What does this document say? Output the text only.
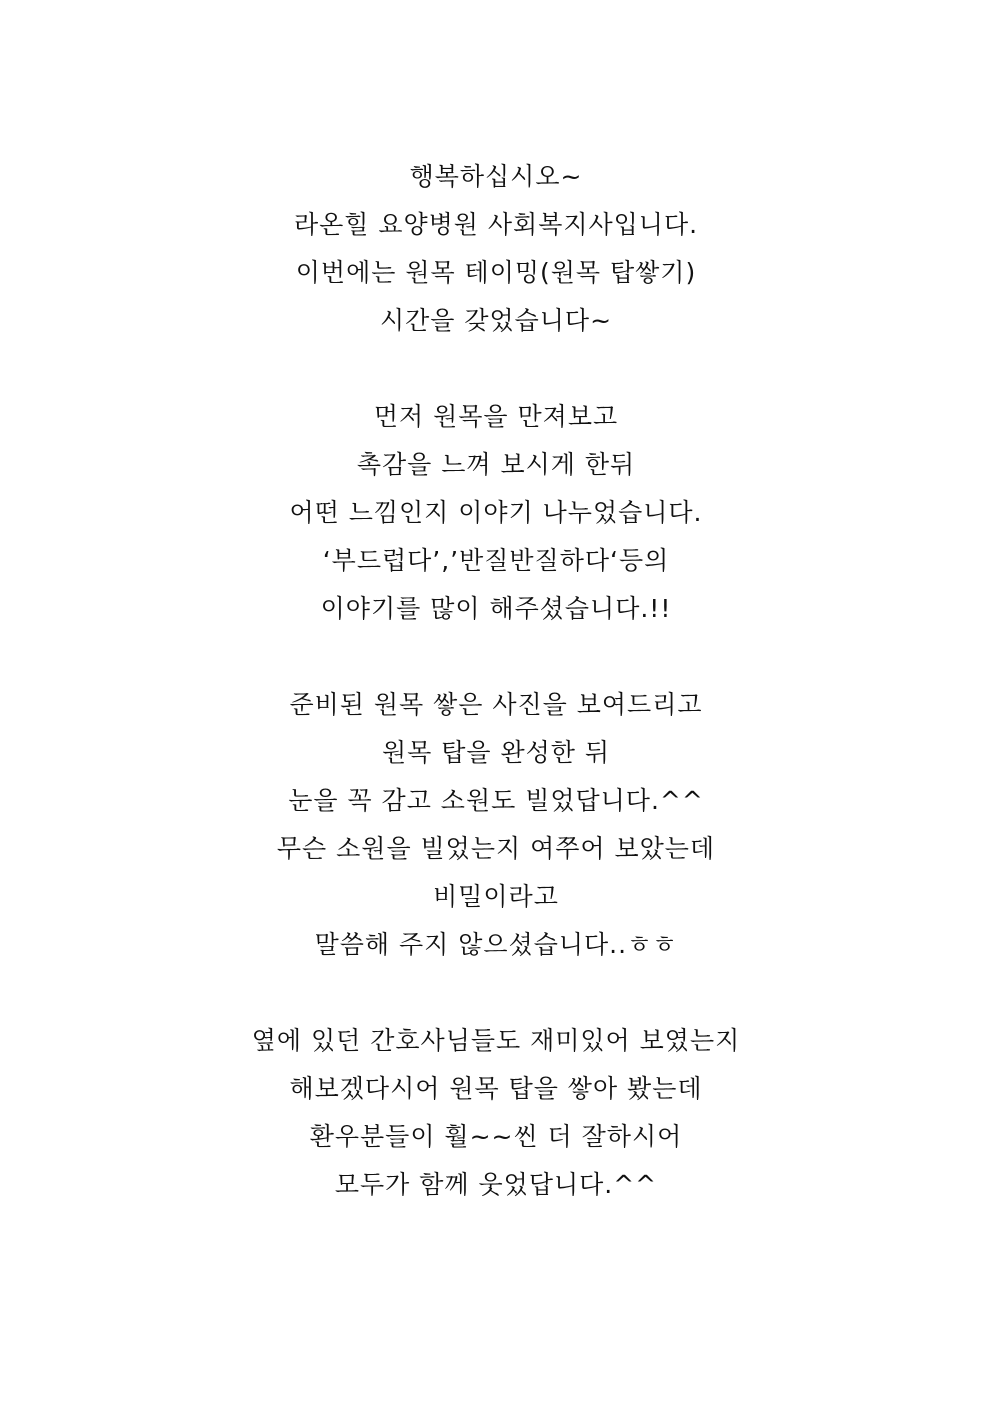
행복하십시오~
라온힐 요양병원 사회복지사입니다.
이번에는 원목 테이밍(원목 탑쌓기)
시간을 갖었습니다~
먼저 원목을 만져보고
촉감을 느껴 보시게 한뒤
어떤 느낌인지 이야기 나누었습니다.
‘부드럽다’,’반질반질하다‘등의
이야기를 많이 해주셨습니다.!!
준비된 원목 쌓은 사진을 보여드리고
원목 탑을 완성한 뒤
눈을 꼭 감고 소원도 빌었답니다.^^
무슨 소원을 빌었는지 여쭈어 보았는데
비밀이라고
말씀해 주지 않으셨습니다..ㅎㅎ
옆에 있던 간호사님들도 재미있어 보였는지
해보겠다시어 원목 탑을 쌓아 봤는데
환우분들이 훨~~씬 더 잘하시어
모두가 함께 웃었답니다.^^
